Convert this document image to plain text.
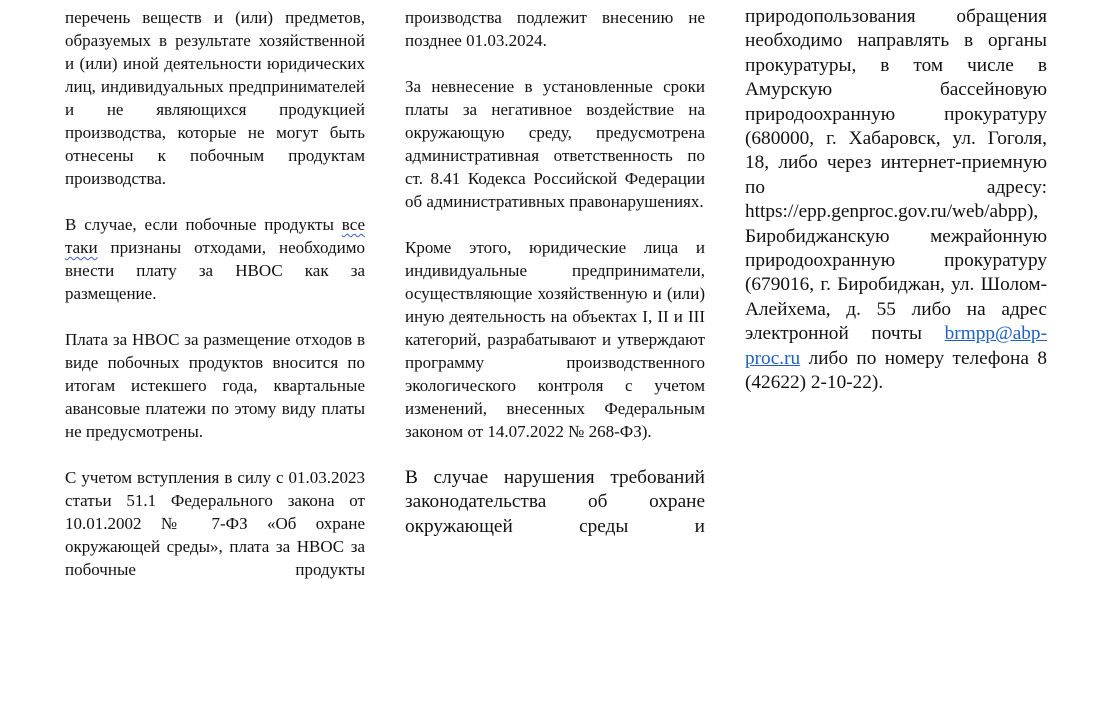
перечень веществ и (или) предметов, образуемых в результате хозяйственной и (или) иной деятельности юридических лиц, индивидуальных предпринимателей и не являющихся продукцией производства, которые не могут быть отнесены к побочным продуктам производства.

В случае, если побочные продукты все таки признаны отходами, необходимо внести плату за НВОС как за размещение.

Плата за НВОС за размещение отходов в виде побочных продуктов вносится по итогам истекшего года, квартальные авансовые платежи по этому виду платы не предусмотрены.

С учетом вступления в силу с 01.03.2023 статьи 51.1 Федерального закона от 10.01.2002 № 7-ФЗ «Об охране окружающей среды», плата за НВОС за побочные продукты

производства подлежит внесению не позднее 01.03.2024.

За невнесение в установленные сроки платы за негативное воздействие на окружающую среду, предусмотрена административная ответственность по ст. 8.41 Кодекса Российской Федерации об административных правонарушениях.

Кроме этого, юридические лица и индивидуальные предприниматели, осуществляющие хозяйственную и (или) иную деятельность на объектах I, II и III категорий, разрабатывают и утверждают программу производственного экологического контроля с учетом изменений, внесенных Федеральным законом от 14.07.2022 № 268-ФЗ).

В случае нарушения требований законодательства об охране окружающей среды и

природопользования обращения необходимо направлять в органы прокуратуры, в том числе в Амурскую бассейновую природоохранную прокуратуру (680000, г. Хабаровск, ул. Гоголя, 18, либо через интернет-приемную по адресу: https://epp.genproc.gov.ru/web/abpp), Биробиджанскую межрайонную природоохранную прокуратуру (679016, г. Биробиджан, ул. Шолом-Алейхема, д. 55 либо на адрес электронной почты brmpp@abp-proc.ru либо по номеру телефона 8 (42622) 2-10-22).
